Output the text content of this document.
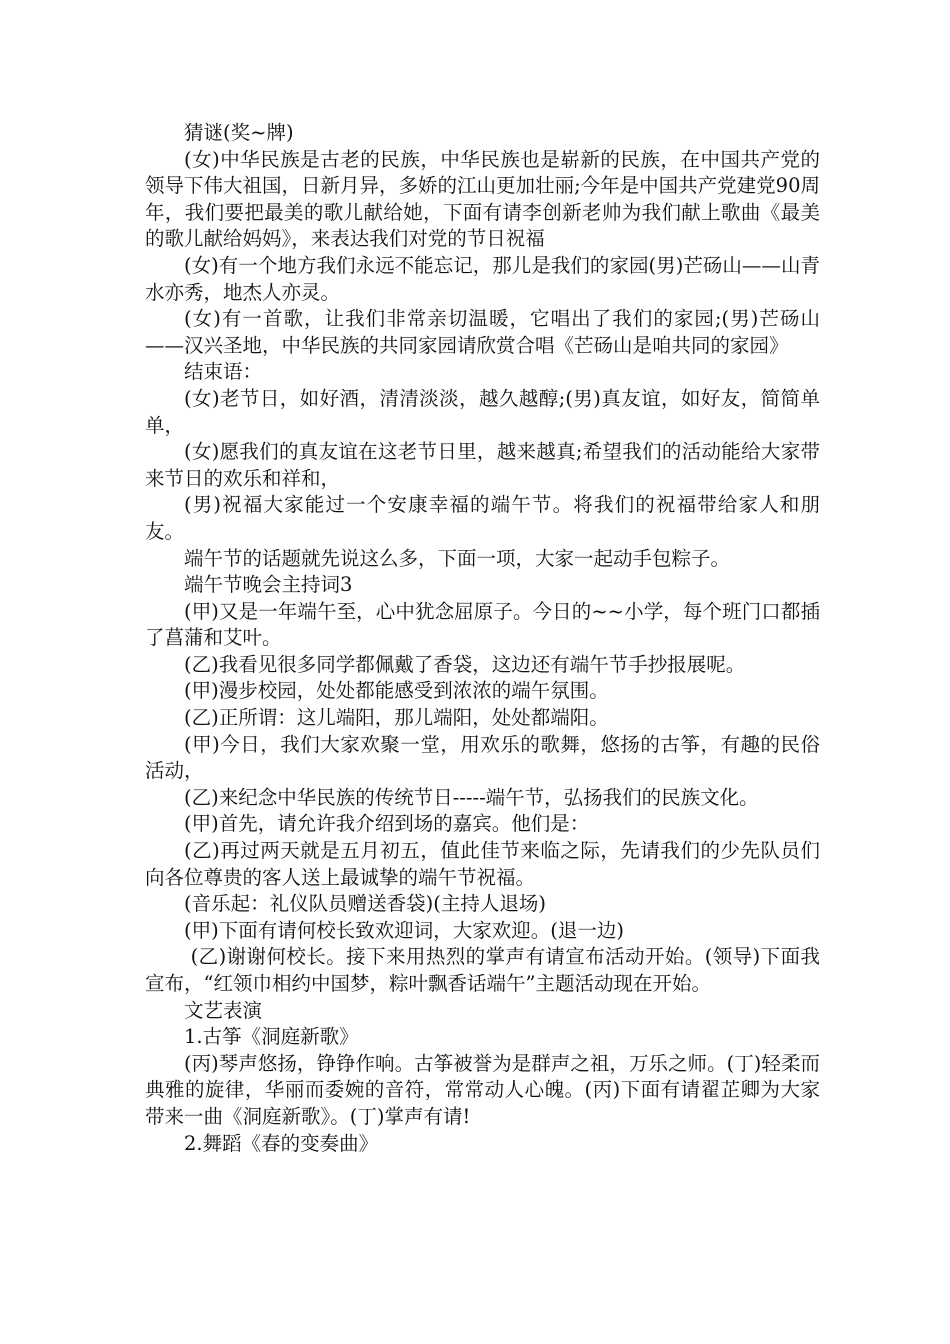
猜谜(奖~牌)

(女)中华民族是古老的民族，中华民族也是崭新的民族，在中国共产党的领导下伟大祖国，日新月异，多娇的江山更加壮丽;今年是中国共产党建党90周年，我们要把最美的歌儿献给她，下面有请李创新老帅为我们献上歌曲《最美的歌儿献给妈妈》，来表达我们对党的节日祝福

(女)有一个地方我们永远不能忘记，那儿是我们的家园(男)芒砀山——山青水亦秀，地杰人亦灵。

(女)有一首歌，让我们非常亲切温暖，它唱出了我们的家园;(男)芒砀山——汉兴圣地，中华民族的共同家园请欣赏合唱《芒砀山是咱共同的家园》

结束语：

(女)老节日，如好酒，清清淡淡，越久越醇;(男)真友谊，如好友，简简单单，

(女)愿我们的真友谊在这老节日里，越来越真;希望我们的活动能给大家带来节日的欢乐和祥和，

(男)祝福大家能过一个安康幸福的端午节。将我们的祝福带给家人和朋友。

端午节的话题就先说这么多，下面一项，大家一起动手包粽子。

端午节晚会主持词3

(甲)又是一年端午至，心中犹念屈原子。今日的~~小学，每个班门口都插了菖蒲和艾叶。

(乙)我看见很多同学都佩戴了香袋，这边还有端午节手抄报展呢。

(甲)漫步校园，处处都能感受到浓浓的端午氛围。

(乙)正所谓：这儿端阳，那儿端阳，处处都端阳。

(甲)今日，我们大家欢聚一堂，用欢乐的歌舞，悠扬的古筝，有趣的民俗活动，

(乙)来纪念中华民族的传统节日-----端午节，弘扬我们的民族文化。

(甲)首先，请允许我介绍到场的嘉宾。他们是：

(乙)再过两天就是五月初五，值此佳节来临之际，先请我们的少先队员们向各位尊贵的客人送上最诚挚的端午节祝福。

(音乐起：礼仪队员赠送香袋)(主持人退场)

(甲)下面有请何校长致欢迎词，大家欢迎。(退一边)

(乙)谢谢何校长。接下来用热烈的掌声有请宣布活动开始。(领导)下面我宣布，“红领巾相约中国梦，粽叶飘香话端午”主题活动现在开始。

文艺表演

1.古筝《洞庭新歌》

(丙)琴声悠扬，铮铮作响。古筝被誉为是群声之祖，万乐之师。(丁)轻柔而典雅的旋律，华丽而委婉的音符，常常动人心魄。(丙)下面有请翟芷卿为大家带来一曲《洞庭新歌》。(丁)掌声有请!

2.舞蹈《春的变奏曲》
